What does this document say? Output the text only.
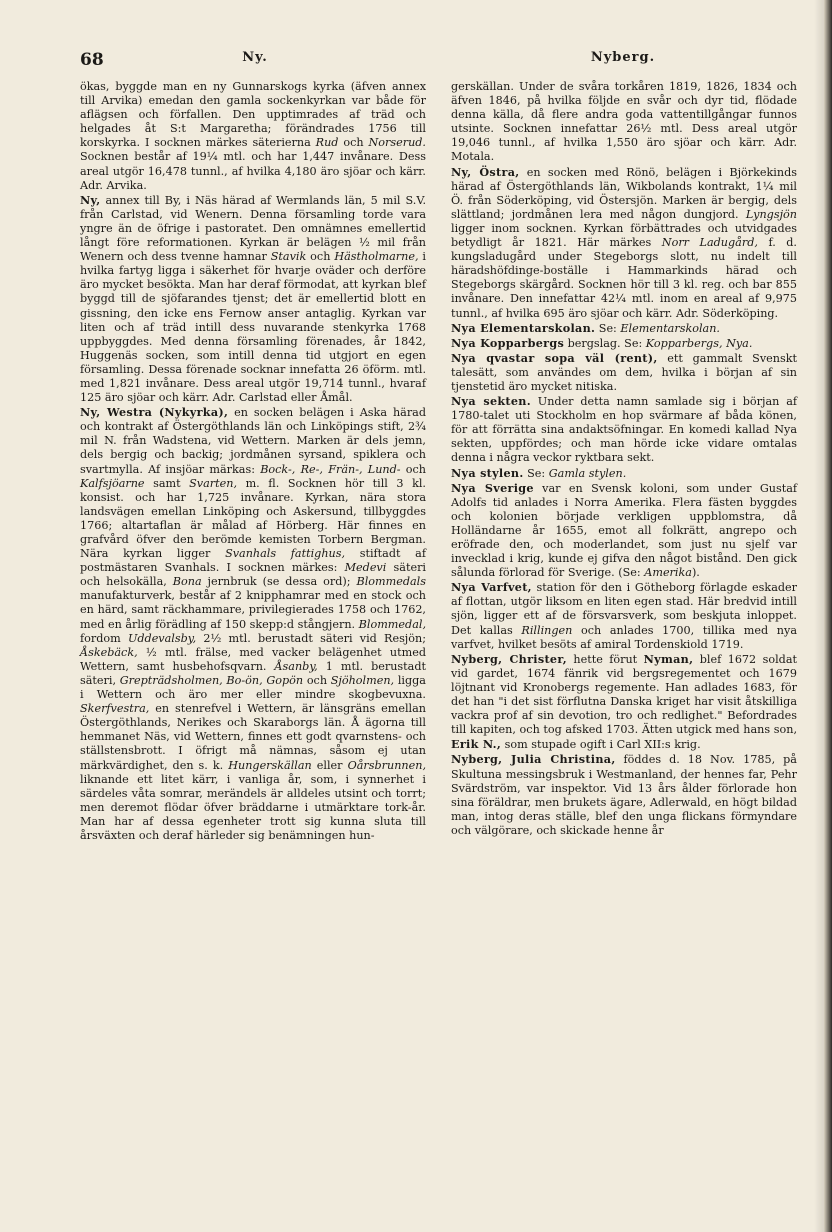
68	Ny.	Nyberg.

ökas, byggde man en ny Gunnarskogs kyrka (äfven annex till Arvika) emedan den gamla sockenkyrkan var både för aflägsen och förfallen. Den upptimrades af träd och helgades åt S:t Margaretha; förändrades 1756 till korskyrka. I socknen märkes säterierna Rud och Norserud. Socknen består af 19¼ mtl. och har 1,447 invånare. Dess areal utgör 16,478 tunnl., af hvilka 4,180 äro sjöar och kärr. Adr. Arvika.

Ny, annex till By, i Näs härad af Wermlands län, 5 mil S.V. från Carlstad, vid Wenern. Denna församling torde vara yngre än de öfrige i pastoratet. Den omnämnes emellertid långt före reformationen. Kyrkan är belägen ½ mil från Wenern och dess tvenne hamnar Stavik och Hästholmarne, i hvilka fartyg ligga i säkerhet för hvarje oväder och derföre äro mycket besökta. Man har deraf förmodat, att kyrkan blef byggd till de sjöfarandes tjenst; det är emellertid blott en gissning, den icke ens Fernow anser antaglig. Kyrkan var liten och af träd intill dess nuvarande stenkyrka 1768 uppbyggdes. Med denna församling förenades, år 1842, Huggenäs socken, som intill denna tid utgjort en egen församling. Dessa förenade socknar innefatta 26 öförm. mtl. med 1,821 invånare. Dess areal utgör 19,714 tunnl., hvaraf 125 äro sjöar och kärr. Adr. Carlstad eller Åmål.

Ny, Westra (Nykyrka), en socken belägen i Aska härad och kontrakt af Östergöthlands län och Linköpings stift, 2¾ mil N. från Wadstena, vid Wettern. Marken är dels jemn, dels bergig och backig; jordmånen syrsand, spiklera och svartmylla. Af insjöar märkas: Bock-, Re-, Frän-, Lund- och Kalfsjöarne samt Svarten, m. fl. Socknen hör till 3 kl. konsist. och har 1,725 invånare. Kyrkan, nära stora landsvägen emellan Linköping och Askersund, tillbyggdes 1766; altartaflan är målad af Hörberg. Här finnes en grafvård öfver den berömde kemisten Torbern Bergman. Nära kyrkan ligger Svanhals fattighus, stiftadt af postmästaren Svanhals. I socknen märkes: Medevi säteri och helsokälla, Bona jernbruk (se dessa ord); Blommedals manufakturverk, består af 2 knipphamrar med en stock och en härd, samt räckhammare, privilegierades 1758 och 1762, med en årlig förädling af 150 skepp:d stångjern. Blommedal, fordom Uddevalsby, 2½ mtl. berustadt säteri vid Resjön; Åskebäck, ½ mtl. frälse, med vacker belägenhet utmed Wettern, samt husbehofsqvarn. Åsanby, 1 mtl. berustadt säteri, Grepträdsholmen, Bo-ön, Gopön och Sjöholmen, ligga i Wettern och äro mer eller mindre skogbevuxna. Skerfvestra, en stenrefvel i Wettern, är länsgräns emellan Östergöthlands, Nerikes och Skaraborgs län. Å ägorna till hemmanet Näs, vid Wettern, finnes ett godt qvarnstens- och ställstensbrott. I öfrigt må nämnas, såsom ej utan märkvärdighet, den s. k. Hungerskällan eller Oårsbrunnen, liknande ett litet kärr, i vanliga år, som, i synnerhet i särdeles våta somrar, merändels är alldeles utsint och torrt; men deremot flödar öfver bräddarne i utmärktare tork-år. Man har af dessa egenheter trott sig kunna sluta till årsväxten och deraf härleder sig benämningen hun-

gerskällan. Under de svåra torkåren 1819, 1826, 1834 och äfven 1846, på hvilka följde en svår och dyr tid, flödade denna källa, då flere andra goda vattentillgångar funnos utsinte. Socknen innefattar 26½ mtl. Dess areal utgör 19,046 tunnl., af hvilka 1,550 äro sjöar och kärr. Adr. Motala.

Ny, Östra, en socken med Rönö, belägen i Björkekinds härad af Östergöthlands län, Wikbolands kontrakt, 1¼ mil Ö. från Söderköping, vid Östersjön. Marken är bergig, dels slättland; jordmånen lera med någon dungjord. Lyngsjön ligger inom socknen. Kyrkan förbättrades och utvidgades betydligt år 1821. Här märkes Norr Ladugård, f. d. kungsladugård under Stegeborgs slott, nu indelt till häradshöfdinge-boställe i Hammarkinds härad och Stegeborgs skärgård. Socknen hör till 3 kl. reg. och bar 855 invånare. Den innefattar 42¼ mtl. inom en areal af 9,975 tunnl., af hvilka 695 äro sjöar och kärr. Adr. Söderköping.

Nya Elementarskolan. Se: Elementarskolan.

Nya Kopparbergs bergslag. Se: Kopparbergs, Nya.

Nya qvastar sopa väl (rent), ett gammalt Svenskt talesätt, som användes om dem, hvilka i början af sin tjenstetid äro mycket nitiska.

Nya sekten. Under detta namn samlade sig i början af 1780-talet uti Stockholm en hop svärmare af båda könen, för att förrätta sina andaktsöfningar. En komedi kallad Nya sekten, uppfördes; och man hörde icke vidare omtalas denna i några veckor ryktbara sekt.

Nya stylen. Se: Gamla stylen.

Nya Sverige var en Svensk koloni, som under Gustaf Adolfs tid anlades i Norra Amerika. Flera fästen byggdes och kolonien började verkligen uppblomstra, då Holländarne år 1655, emot all folkrätt, angrepo och eröfrade den, och moderlandet, som just nu sjelf var invecklad i krig, kunde ej gifva den något bistånd. Den gick sålunda förlorad för Sverige. (Se: Amerika).

Nya Varfvet, station för den i Götheborg förlagde eskader af flottan, utgör liksom en liten egen stad. Här bredvid intill sjön, ligger ett af de försvarsverk, som beskjuta inloppet. Det kallas Rillingen och anlades 1700, tillika med nya varfvet, hvilket besöts af amiral Tordenskiold 1719.

Nyberg, Christer, hette förut Nyman, blef 1672 soldat vid gardet, 1674 fänrik vid bergsregementet och 1679 löjtnant vid Kronobergs regemente. Han adlades 1683, för det han "i det sist förflutna Danska kriget har visit åtskilliga vackra prof af sin devotion, tro och redlighet." Befordrades till kapiten, och tog afsked 1703. Ätten utgick med hans son, Erik N., som stupade ogift i Carl XII:s krig.

Nyberg, Julia Christina, föddes d. 18 Nov. 1785, på Skultuna messingsbruk i Westmanland, der hennes far, Pehr Svärdström, var inspektor. Vid 13 års ålder förlorade hon sina föräldrar, men brukets ägare, Adlerwald, en högt bildad man, intog deras ställe, blef den unga flickans förmyndare och välgörare, och skickade henne år
